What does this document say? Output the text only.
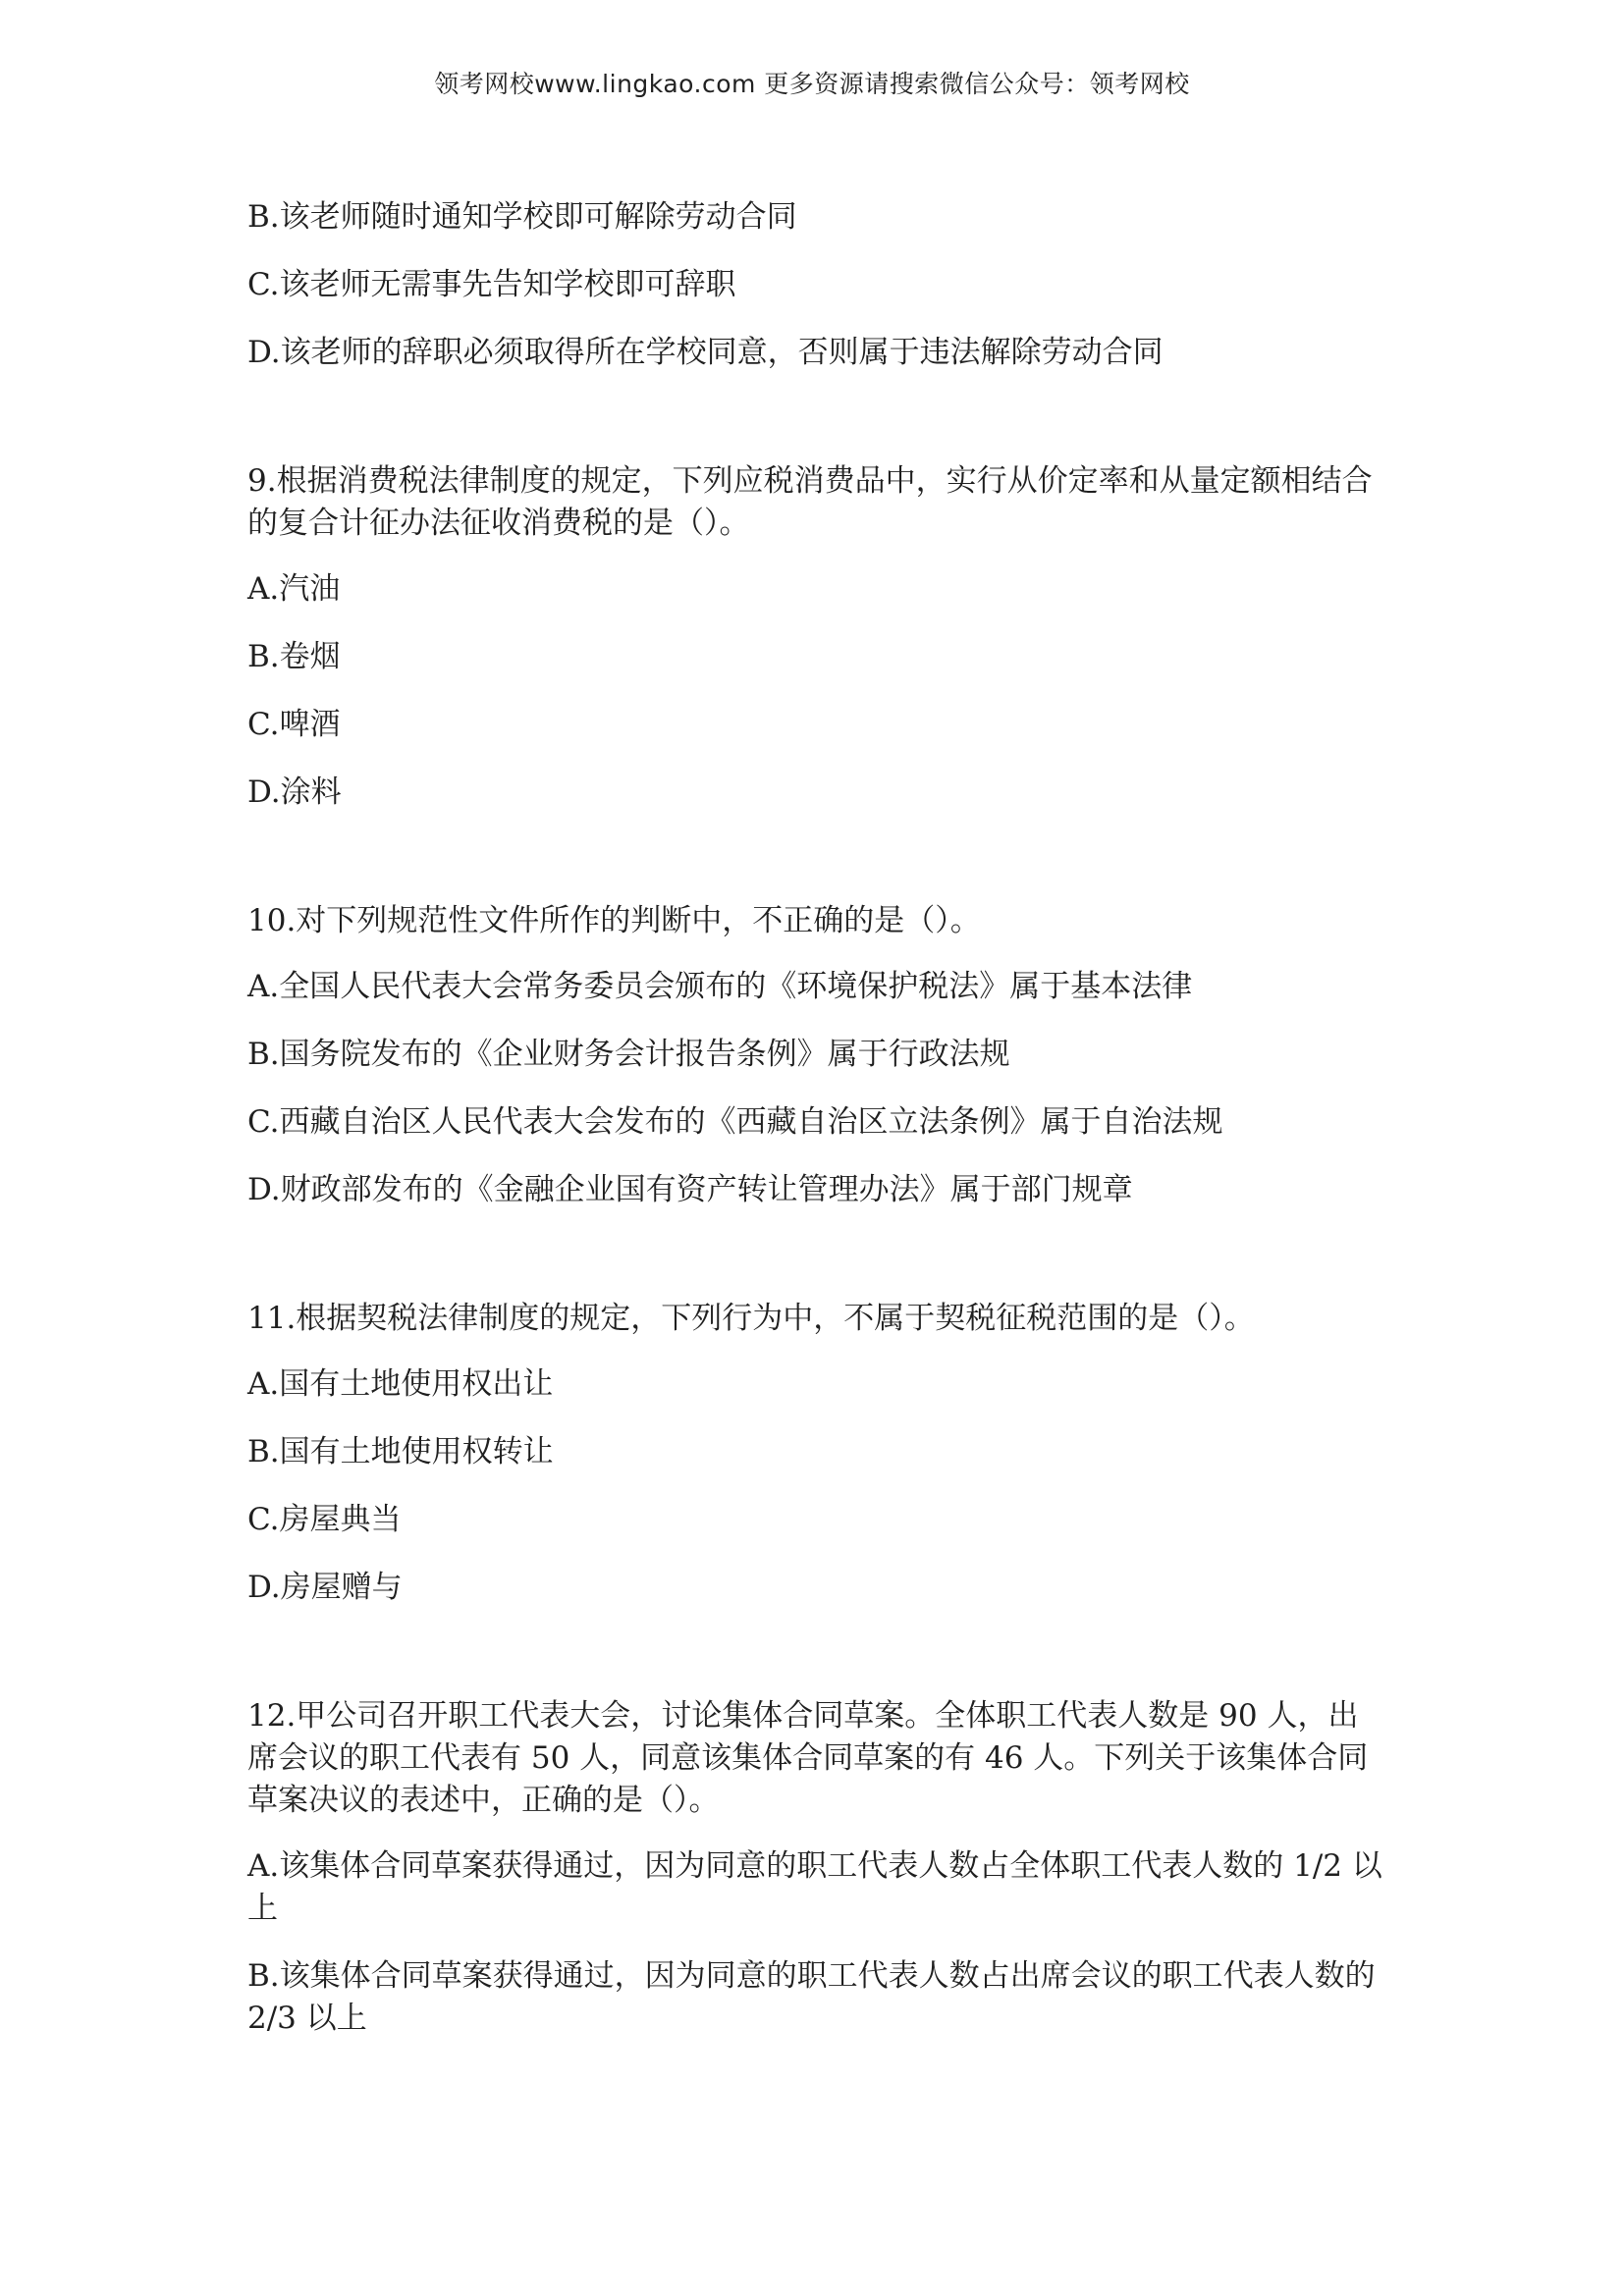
领考网校www.lingkao.com 更多资源请搜索微信公众号：领考网校

B.该老师随时通知学校即可解除劳动合同

C.该老师无需事先告知学校即可辞职

D.该老师的辞职必须取得所在学校同意，否则属于违法解除劳动合同

9.根据消费税法律制度的规定，下列应税消费品中，实行从价定率和从量定额相结合的复合计征办法征收消费税的是（）。

A.汽油

B.卷烟

C.啤酒

D.涂料

10.对下列规范性文件所作的判断中，不正确的是（）。

A.全国人民代表大会常务委员会颁布的《环境保护税法》属于基本法律

B.国务院发布的《企业财务会计报告条例》属于行政法规

C.西藏自治区人民代表大会发布的《西藏自治区立法条例》属于自治法规

D.财政部发布的《金融企业国有资产转让管理办法》属于部门规章

11.根据契税法律制度的规定，下列行为中，不属于契税征税范围的是（）。

A.国有土地使用权出让

B.国有土地使用权转让

C.房屋典当

D.房屋赠与

12.甲公司召开职工代表大会，讨论集体合同草案。全体职工代表人数是 90 人，出席会议的职工代表有 50 人，同意该集体合同草案的有 46 人。下列关于该集体合同草案决议的表述中，正确的是（）。

A.该集体合同草案获得通过，因为同意的职工代表人数占全体职工代表人数的 1/2 以上

B.该集体合同草案获得通过，因为同意的职工代表人数占出席会议的职工代表人数的 2/3 以上
